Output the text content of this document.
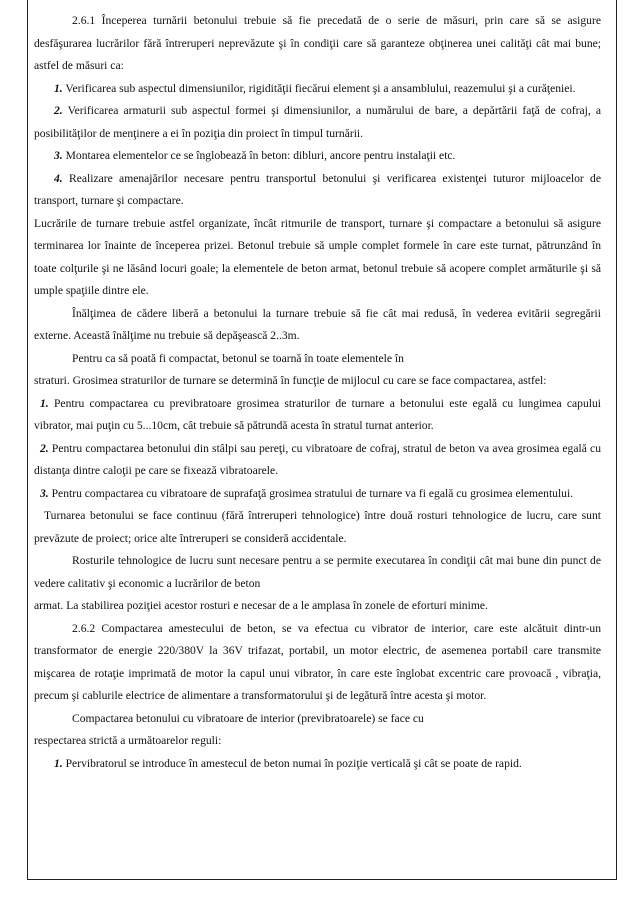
2.6.1 Începerea turnării betonului trebuie să fie precedată de o serie de măsuri, prin care să se asigure desfăşurarea lucrărilor fără întreruperi neprevăzute şi în condiţii care să garanteze obţinerea unei calităţi cât mai bune; astfel de măsuri ca:

1. Verificarea sub aspectul dimensiunilor, rigidităţii fiecărui element şi a ansamblului, reazemului şi a curăţeniei.

2. Verificarea armaturii sub aspectul formei şi dimensiunilor, a numărului de bare, a depărtării faţă de cofraj, a posibilităţilor de menţinere a ei în poziţia din proiect în timpul turnării.

3. Montarea elementelor ce se înglobează în beton: dibluri, ancore pentru instalaţii etc.

4. Realizare amenajărilor necesare pentru transportul betonului şi verificarea existenţei tuturor mijloacelor de transport, turnare şi compactare.

Lucrările de turnare trebuie astfel organizate, încât ritmurile de transport, turnare şi compactare a betonului să asigure terminarea lor înainte de începerea prizei. Betonul trebuie să umple complet formele în care este turnat, pătrunzând în toate colţurile şi ne lăsând locuri goale; la elementele de beton armat, betonul trebuie să acopere complet armăturile şi să umple spaţiile dintre ele.

Înălţimea de cădere liberă a betonului la turnare trebuie să fie cât mai redusă, în vederea evitării segregării externe. Această înălţime nu trebuie să depăşească 2..3m.

Pentru ca să poată fi compactat, betonul se toarnă în toate elementele în

straturi. Grosimea straturilor de turnare se determină în funcţie de mijlocul cu care se face compactarea, astfel:

1. Pentru compactarea cu previbratoare grosimea straturilor de turnare a betonului este egală cu lungimea capului vibrator, mai puţin cu 5...10cm, cât trebuie să pătrundă acesta în stratul turnat anterior.

2. Pentru compactarea betonului din stâlpi sau pereţi, cu vibratoare de cofraj, stratul de beton va avea grosimea egală cu distanţa dintre caloţii pe care se fixează vibratoarele.

3. Pentru compactarea cu vibratoare de suprafaţă grosimea stratului de turnare va fi egală cu grosimea elementului.

Turnarea betonului se face continuu (fără întreruperi tehnologice) între două rosturi tehnologice de lucru, care sunt prevăzute de proiect; orice alte întreruperi se consideră accidentale.

Rosturile tehnologice de lucru sunt necesare pentru a se permite executarea în condiţii cât mai bune din punct de vedere calitativ şi economic a lucrărilor de beton

armat. La stabilirea poziţiei acestor rosturi e necesar de a le amplasa în zonele de eforturi minime.

2.6.2 Compactarea amestecului de beton, se va efectua cu vibrator de interior, care este alcătuit dintr-un transformator de energie 220/380V la 36V trifazat, portabil, un motor electric, de asemenea portabil care transmite mişcarea de rotaţie imprimată de motor la capul unui vibrator, în care este înglobat excentric care provoacă , vibraţia, precum şi cablurile electrice de alimentare a transformatorului şi de legătură între acesta şi motor.

Compactarea betonului cu vibratoare de interior (previbratoarele) se face cu

respectarea strictă a următoarelor reguli:

1. Pervibratorul se introduce în amestecul de beton numai în poziţie verticală şi cât se poate de rapid.
